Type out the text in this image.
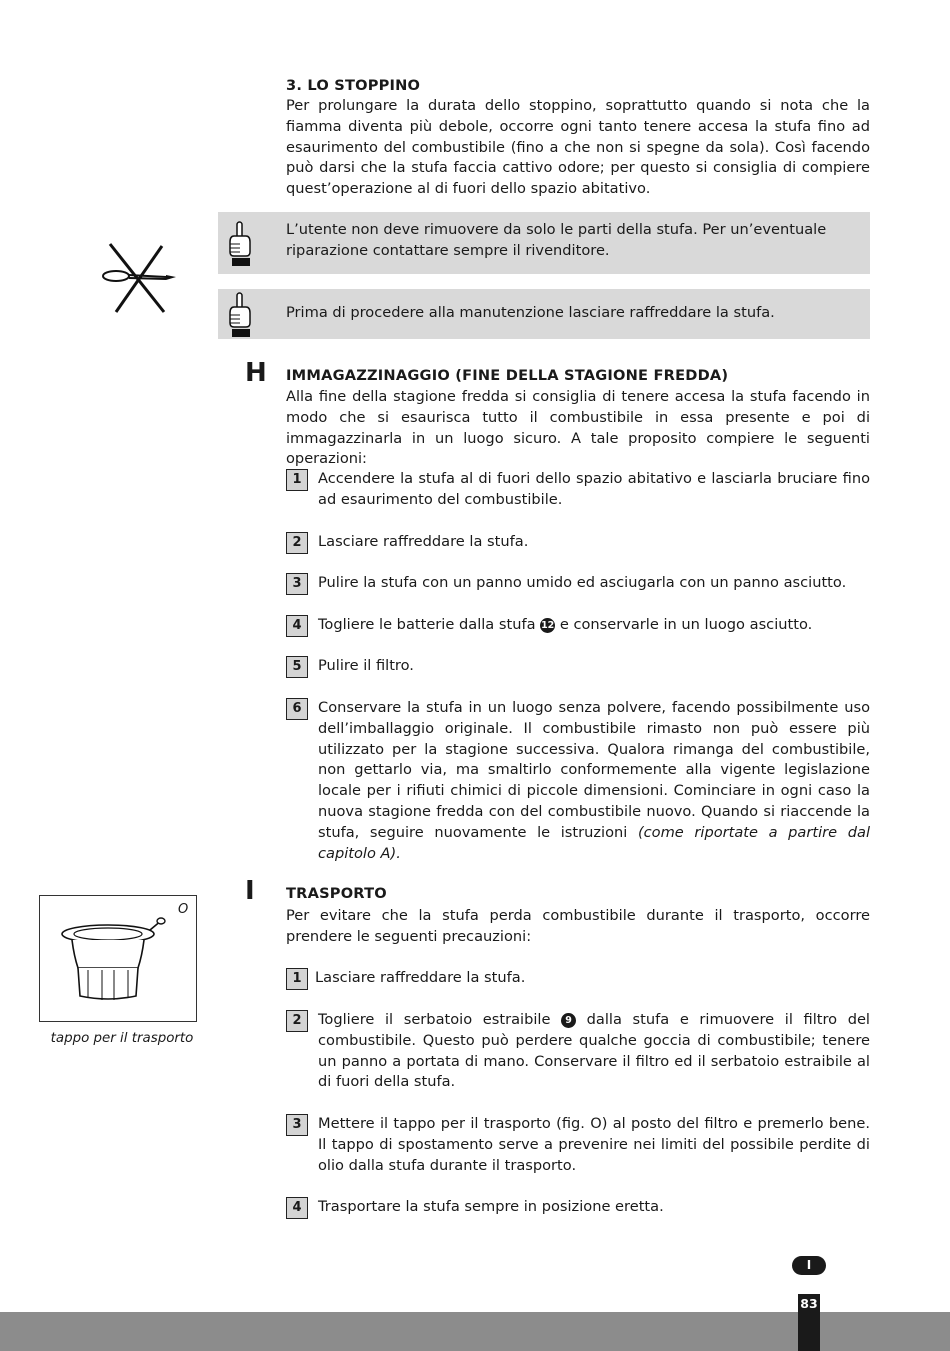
3. LO STOPPINO
Per prolungare la durata dello stoppino, soprattutto quando si nota che la fiamma diventa più debole, occorre ogni tanto tenere accesa la stufa fino ad esaurimento del combustibile (fino a che non si spegne da sola). Così facendo può darsi che la stufa faccia cattivo odore; per questo si consiglia di compiere quest’operazione al di fuori dello spazio abitativo.
L’utente non deve rimuovere da solo le parti della stufa. Per un’eventuale riparazione contattare sempre il rivenditore.
Prima di procedere alla manutenzione lasciare raffreddare la stufa.
H IMMAGAZZINAGGIO (FINE DELLA STAGIONE FREDDA)
Alla fine della stagione fredda si consiglia di tenere accesa la stufa facendo in modo che si esaurisca tutto il combustibile in essa presente e poi di immagazzinarla in un luogo sicuro. A tale proposito compiere le seguenti operazioni:
1	Accendere la stufa al di fuori dello spazio abitativo e lasciarla bruciare fino ad esaurimento del combustibile.
2	Lasciare raffreddare la stufa.
3	Pulire la stufa con un panno umido ed asciugarla con un panno asciutto.
4	Togliere le batterie dalla stufa 12 e conservarle in un luogo asciutto.
5	Pulire il filtro.
6	Conservare la stufa in un luogo senza polvere, facendo possibilmente uso dell’imballaggio originale. Il combustibile rimasto non può essere più utilizzato per la stagione successiva. Qualora rimanga del combustibile, non gettarlo via, ma smaltirlo conformemente alla vigente legislazione locale per i rifiuti chimici di piccole dimensioni. Cominciare in ogni caso la nuova stagione fredda con del combustibile nuovo. Quando si riaccende la stufa, seguire nuovamente le istruzioni (come riportate a partire dal capitolo A).
O
tappo per il trasporto
I TRASPORTO
Per evitare che la stufa perda combustibile durante il trasporto, occorre prendere le seguenti precauzioni:
1 Lasciare raffreddare la stufa.
2	Togliere il serbatoio estraibile 9 dalla stufa e rimuovere il filtro del combustibile. Questo può perdere qualche goccia di combustibile; tenere un panno a portata di mano. Conservare il filtro ed il serbatoio estraibile al di fuori della stufa.
3	Mettere il tappo per il trasporto (fig. O) al posto del filtro e premerlo bene. Il tappo di spostamento serve a prevenire nei limiti del possibile perdite di olio dalla stufa durante il trasporto.
4	Trasportare la stufa sempre in posizione eretta.
I
83
